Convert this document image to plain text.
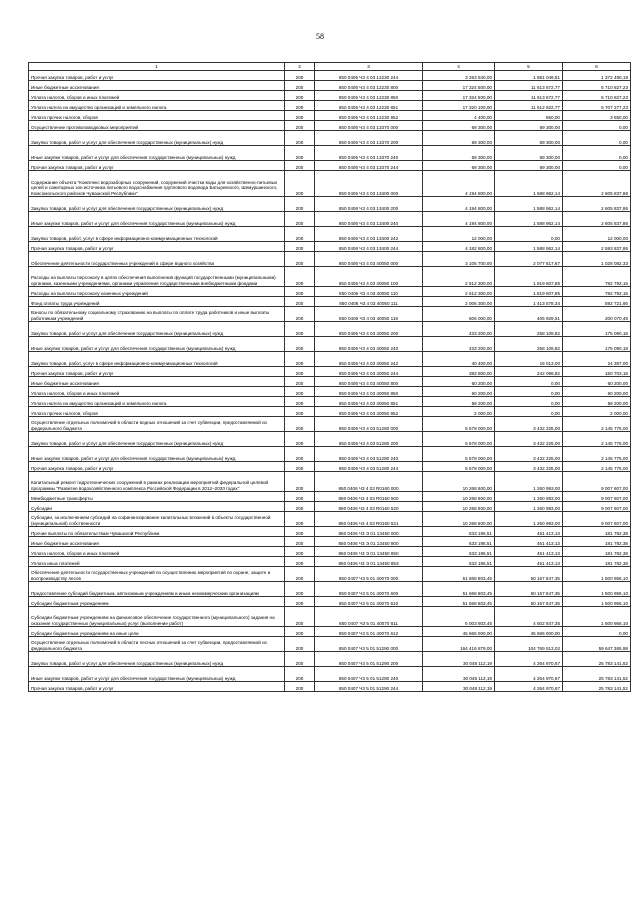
58
1	2	3	4	5	6
Прочая закупка товаров, работ и услуг	200	850 0406 Ч3 4 03 12230 244	3 253 540,00	1 881 049,81	1 372 490,19
Иные бюджетные ассигнования	200	850 0406 Ч3 4 03 12230 800	17 324 500,00	11 613 672,77	5 710 827,23
Уплата налогов, сборов и иных платежей	200	850 0406 Ч3 4 03 12230 850	17 324 500,00	11 613 672,77	5 710 827,23
Уплата налога на имущество организаций и земельного налога	200	850 0406 Ч3 4 03 12230 851	17 320 100,00	11 612 822,77	5 707 277,23
Уплата прочих налогов, сборов	200	850 0406 Ч3 4 03 12230 852	4 400,00	850,00	3 550,00
Осуществление противопаводковых мероприятий	200	850 0406 Ч3 4 03 13370 000	69 300,00	69 300,00	0,00
Закупка товаров, работ и услуг для обеспечения государственных (муниципальных) нужд	200	850 0406 Ч3 4 03 13370 200	69 300,00	69 300,00	0,00
Иные закупки товаров, работ и услуг для обеспечения государственных (муниципальных) нужд	200	850 0406 Ч3 4 03 13370 240	69 300,00	69 300,00	0,00
Прочая закупка товаров, работ и услуг	200	850 0406 Ч3 4 03 13370 244	69 300,00	69 300,00	0,00
Содержание объекта "Комплекс водозаборных сооружений, сооружений очистки воды для хозяйственно-питьевых целей и санитарных зон источника питьевого водоснабжения группового водовода Батыревского, Шемуршинского, Комсомольского районов Чувашской Республики"	200	850 0406 Ч3 4 03 13400 000	4 194 800,00	1 588 962,14	2 605 837,86
Закупка товаров, работ и услуг для обеспечения государственных (муниципальных) нужд	200	850 0406 Ч3 4 03 13400 200	4 194 800,00	1 588 962,14	2 605 837,86
Иные закупки товаров, работ и услуг для обеспечения государственных (муниципальных) нужд	200	850 0406 Ч3 4 03 13400 240	4 194 800,00	1 588 962,14	2 605 837,86
Закупка товаров, работ, услуг в сфере информационно-коммуникационных технологий	200	850 0406 Ч3 4 03 13400 242	12 000,00	0,00	12 000,00
Прочая закупка товаров, работ и услуг	200	850 0406 Ч3 4 03 13400 244	4 182 800,00	1 588 962,14	2 593 837,86
Обеспечение деятельности государственных учреждений в сфере водного хозяйства	200	850 0406 Ч3 4 03 40050 000	3 105 700,00	2 077 617,67	1 028 082,33
Расходы на выплаты персоналу в целях обеспечения выполнения функций государственными (муниципальными) органами, казенными учреждениями, органами управления государственными внебюджетными фондами	200	850 0406 Ч3 4 03 40050 100	2 612 300,00	1 819 507,85	792 792,15
Расходы на выплаты персоналу казенных учреждений	200	850 0406 Ч3 4 03 40050 110	2 612 300,00	1 819 507,85	792 792,15
Фонд оплаты труда учреждений	200	850 0406 Ч3 4 03 40050 111	2 006 300,00	1 413 578,34	592 721,66
Взносы по обязательному социальному страхованию на выплаты по оплате труда работников и иные выплаты работникам учреждений	200	850 0406 Ч3 4 03 40050 119	606 000,00	405 929,51	200 070,49
Закупка товаров, работ и услуг для обеспечения государственных (муниципальных) нужд	200	850 0406 Ч3 4 03 40050 200	433 200,00	258 109,82	175 090,18
Иные закупки товаров, работ и услуг для обеспечения государственных (муниципальных) нужд	200	850 0406 Ч3 4 03 40050 240	433 200,00	258 109,82	175 090,18
Закупка товаров, работ, услуг в сфере информационно-коммуникационных технологий	200	850 0406 Ч3 4 03 40050 242	40 400,00	16 013,00	24 387,00
Прочая закупка товаров, работ и услуг	200	850 0406 Ч3 4 03 40050 244	392 800,00	242 096,82	150 703,18
Иные бюджетные ассигнования	200	850 0406 Ч3 4 03 40050 800	60 200,00	0,00	60 200,00
Уплата налогов, сборов и иных платежей	200	850 0406 Ч3 4 03 40050 850	60 200,00	0,00	60 200,00
Уплата налога на имущество организаций и земельного налога	200	850 0406 Ч3 4 03 40050 851	58 200,00	0,00	58 200,00
Уплата прочих налогов, сборов	200	850 0406 Ч3 4 03 40050 852	2 000,00	0,00	2 000,00
Осуществление отдельных полномочий в области водных отношений за счет субвенции, предоставляемой из федерального бюджета	200	850 0406 Ч3 4 03 51280 000	5 578 000,00	3 432 225,00	2 145 775,00
Закупка товаров, работ и услуг для обеспечения государственных (муниципальных) нужд	200	850 0406 Ч3 4 03 51280 200	5 578 000,00	3 432 225,00	2 145 775,00
Иные закупки товаров, работ и услуг для обеспечения государственных (муниципальных) нужд	200	850 0406 Ч3 4 03 51280 240	5 578 000,00	3 432 225,00	2 145 775,00
Прочая закупка товаров, работ и услуг	200	850 0406 Ч3 4 03 51280 244	5 578 000,00	3 432 225,00	2 145 775,00
Капитальный ремонт гидротехнических сооружений в рамках реализации мероприятий федеральной целевой программы "Развитие водохозяйственного комплекса Российской Федерации в 2012–2020 годах"	200	850 0406 Ч3 4 03 R0160 000	10 268 600,00	1 260 993,00	9 007 607,00
Межбюджетные трансферты	200	850 0406 Ч3 4 03 R0160 500	10 268 600,00	1 260 993,00	9 007 607,00
Субсидии	200	850 0406 Ч3 4 03 R0160 520	10 268 600,00	1 260 993,00	9 007 607,00
Субсидии, за исключением субсидий на софинансирование капитальных вложений в объекты государственной (муниципальной) собственности	200	850 0406 Ч3 4 03 R0160 521	10 268 600,00	1 260 993,00	9 007 607,00
Прочие выплаты по обязательствам Чувашской Республики	200	850 0406 Ч3 Э 01 13450 000	633 195,51	451 413,13	181 782,38
Иные бюджетные ассигнования	200	850 0406 Ч3 Э 01 13450 800	633 195,51	451 413,13	181 782,38
Уплата налогов, сборов и иных платежей	200	850 0406 Ч3 Э 01 13450 850	633 195,51	451 413,13	181 782,38
Уплата иных платежей	200	850 0406 Ч3 Э 01 13450 853	633 195,51	451 413,13	181 782,38
Обеспечение деятельности государственных учреждений по осуществлению мероприятий по охране, защите и воспроизводству лесов	200	850 0407 Ч3 5 01 40070 000	51 668 803,45	50 167 847,35	1 500 956,10
Предоставление субсидий бюджетным, автономным учреждениям и иным некоммерческим организациям	200	850 0407 Ч3 5 01 40070 600	51 668 803,45	50 167 847,35	1 500 956,10
Субсидии бюджетным учреждениям	200	850 0407 Ч3 5 01 40070 610	51 668 803,45	50 167 847,35	1 500 956,10
Субсидии бюджетным учреждениям на финансовое обеспечение государственного (муниципального) задания на оказание государственных (муниципальных) услуг (выполнение работ)	200	850 0407 Ч3 5 01 40070 611	6 003 803,45	4 502 847,35	1 500 956,10
Субсидии бюджетным учреждениям на иные цели	200	850 0407 Ч3 5 01 40070 612	45 665 000,00	45 665 000,00	0,00
Осуществление отдельных полномочий в области лесных отношений за счет субвенции, предоставляемой из федерального бюджета	200	850 0407 Ч3 5 01 51290 000	164 416 879,00	104 769 513,02	59 647 365,98
Закупка товаров, работ и услуг для обеспечения государственных (муниципальных) нужд	200	850 0407 Ч3 5 01 51290 200	30 048 112,19	4 264 970,67	25 783 141,52
Иные закупки товаров, работ и услуг для обеспечения государственных (муниципальных) нужд	200	850 0407 Ч3 5 01 51290 240	30 048 112,19	4 264 970,67	25 783 141,52
Прочая закупка товаров, работ и услуг	200	850 0407 Ч3 5 01 51290 244	30 048 112,19	4 264 970,67	25 783 141,52
